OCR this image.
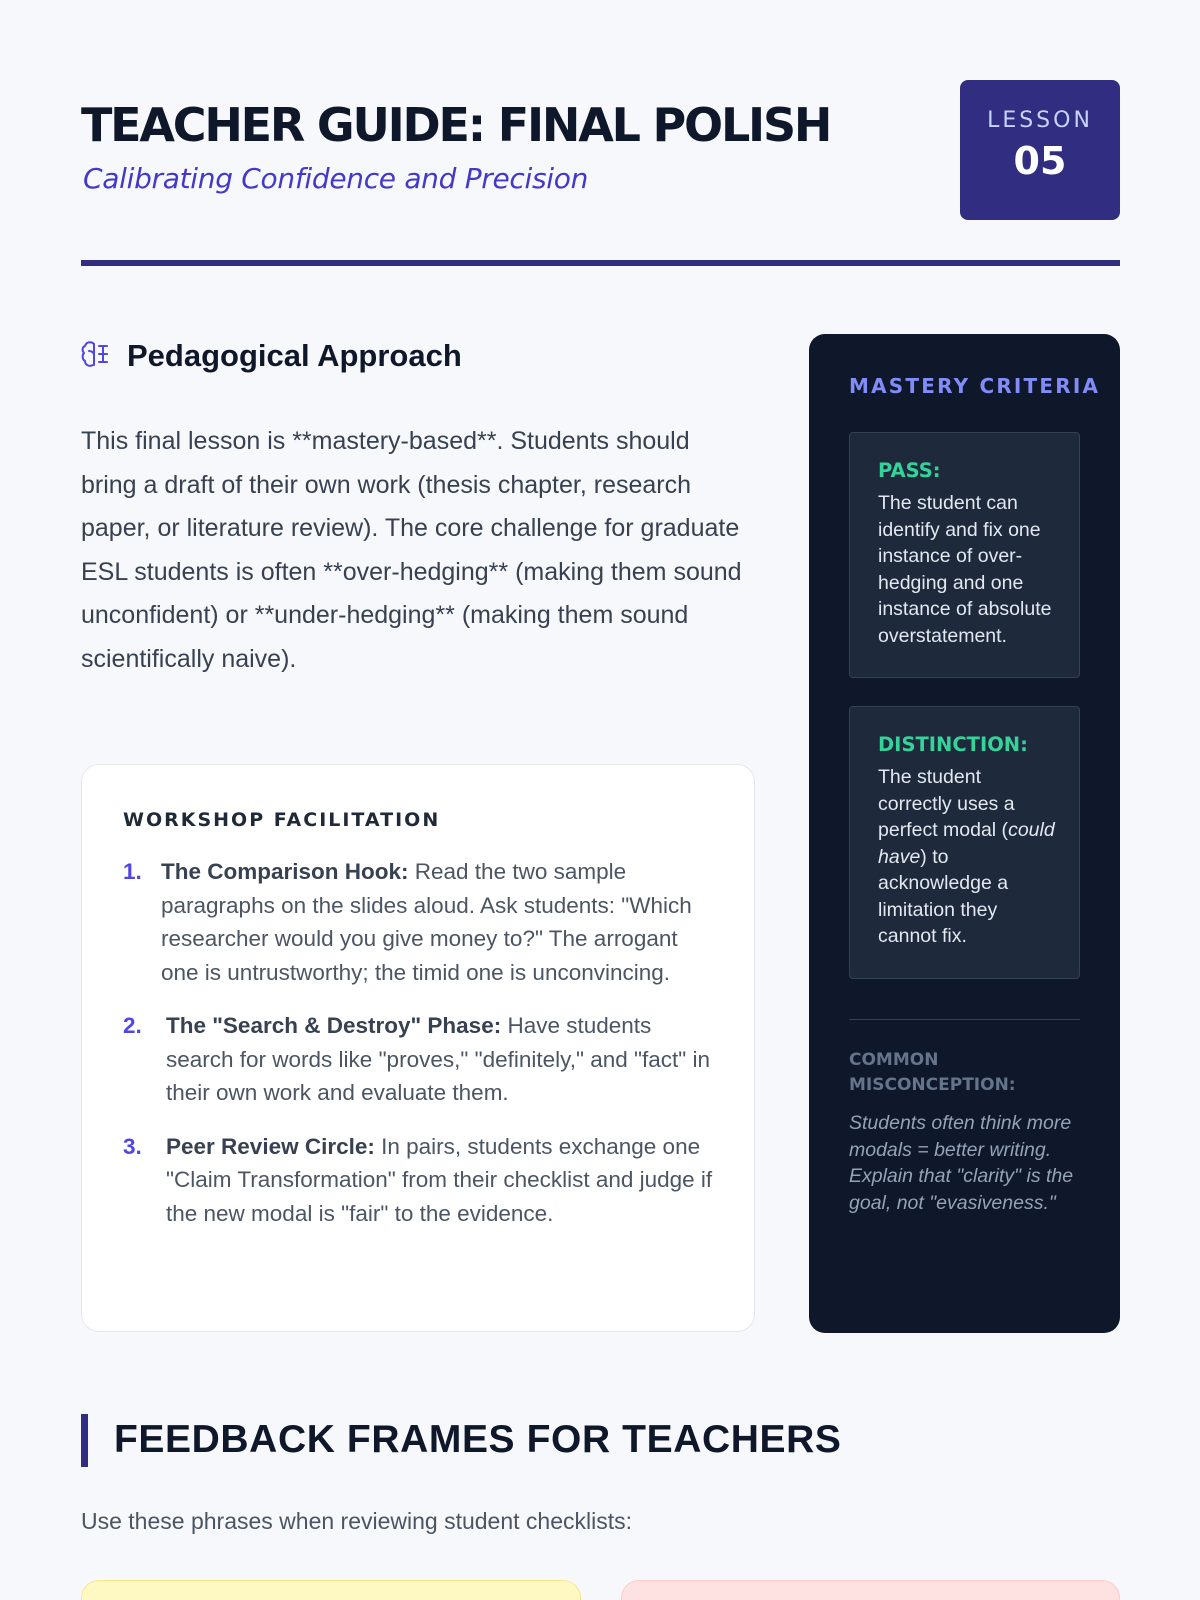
TEACHER GUIDE: FINAL POLISH
Calibrating Confidence and Precision
LESSON
05
Pedagogical Approach

This final lesson is **mastery-based**. Students should bring a draft of their own work (thesis chapter, research paper, or literature review). The core challenge for graduate ESL students is often **over-hedging** (making them sound unconfident) or **under-hedging** (making them sound scientifically naive).

WORKSHOP FACILITATION
1. The Comparison Hook: Read the two sample paragraphs on the slides aloud. Ask students: "Which researcher would you give money to?" The arrogant one is untrustworthy; the timid one is unconvincing.
2. The "Search & Destroy" Phase: Have students search for words like "proves," "definitely," and "fact" in their own work and evaluate them.
3. Peer Review Circle: In pairs, students exchange one "Claim Transformation" from their checklist and judge if the new modal is "fair" to the evidence.
MASTERY CRITERIA
PASS:
The student can identify and fix one instance of over-hedging and one instance of absolute overstatement.
DISTINCTION:
The student correctly uses a perfect modal (could have) to acknowledge a limitation they cannot fix.
COMMON MISCONCEPTION:
Students often think more modals = better writing. Explain that "clarity" is the goal, not "evasiveness."
FEEDBACK FRAMES FOR TEACHERS

Use these phrases when reviewing student checklists:
